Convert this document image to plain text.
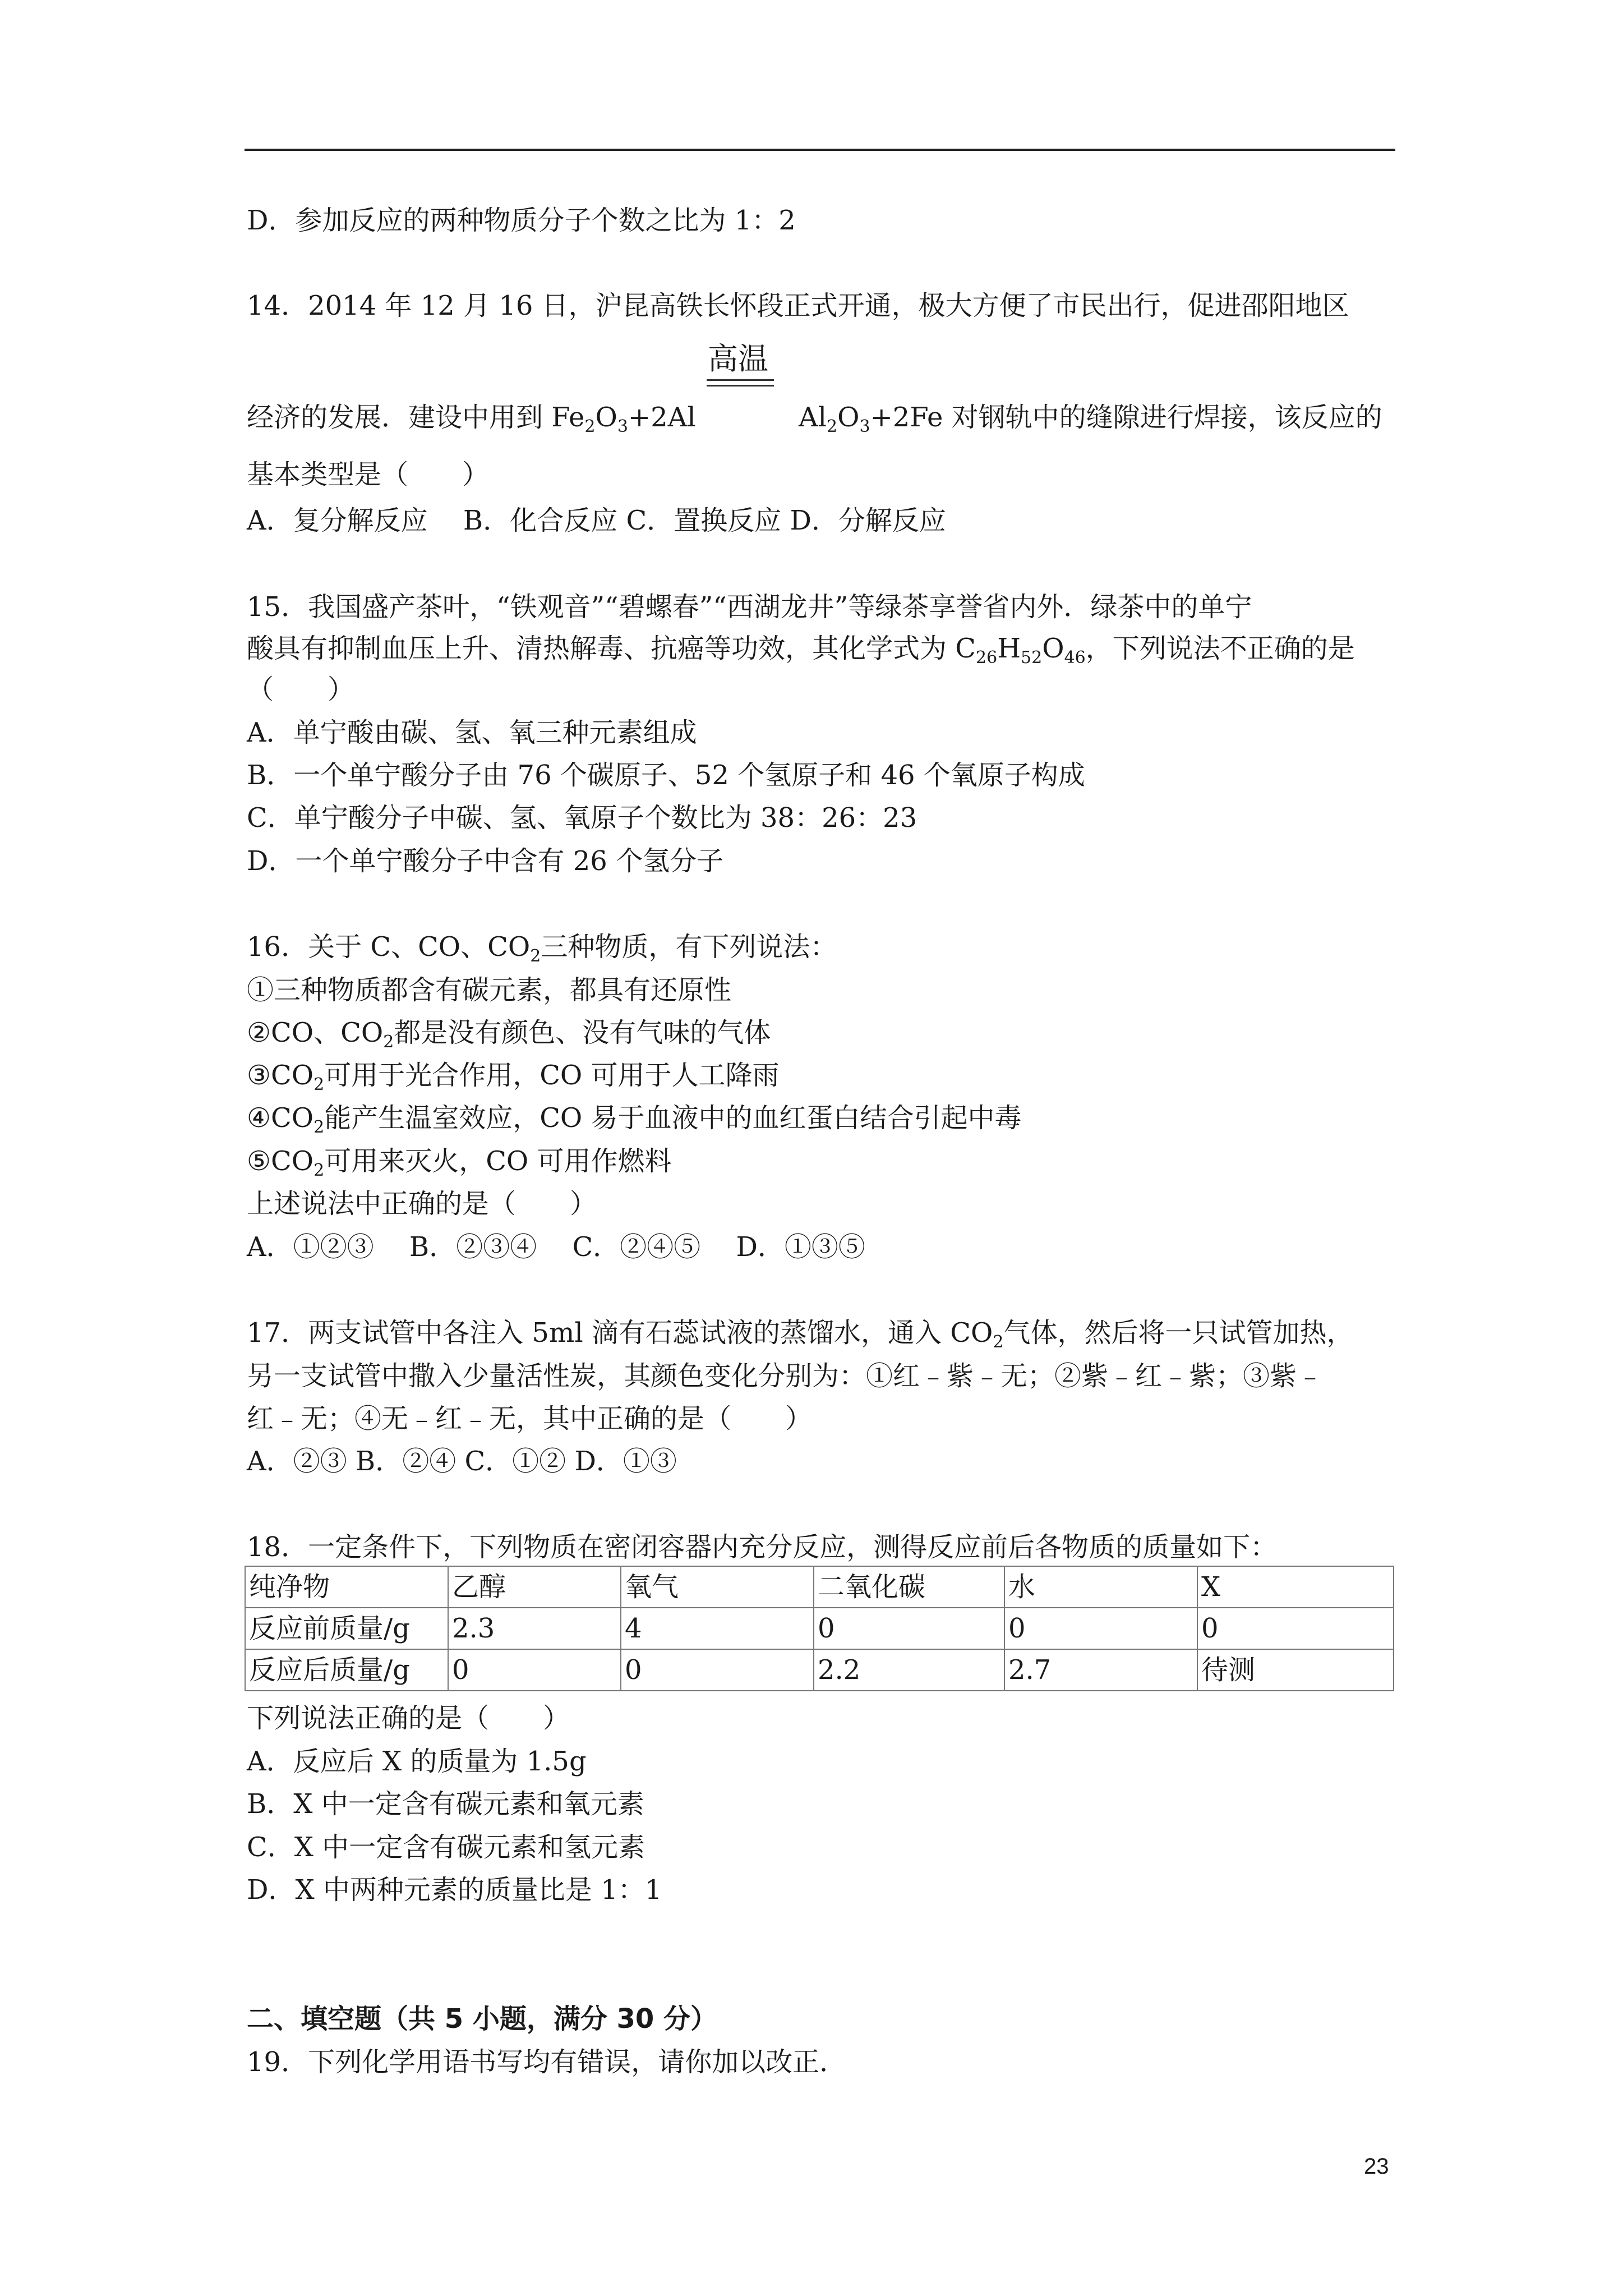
D．参加反应的两种物质分子个数之比为 1：2
14．2014 年 12 月 16 日，沪昆高铁长怀段正式开通，极大方便了市民出行，促进邵阳地区
高温
经济的发展．建设中用到 $Fe_2O_3+2Al$	$Al_2O_3+2Fe$ 对钢轨中的缝隙进行焊接，该反应的
基本类型是（　　）
A．复分解反应　 B．化合反应 C．置换反应 D．分解反应
15．我国盛产茶叶，“铁观音”“碧螺春”“西湖龙井”等绿茶享誉省内外．绿茶中的单宁
酸具有抑制血压上升、清热解毒、抗癌等功效，其化学式为 $C_{26}H_{52}O_{46}$，下列说法不正确的是
（　　）
A．单宁酸由碳、氢、氧三种元素组成
B．一个单宁酸分子由 76 个碳原子、52 个氢原子和 46 个氧原子构成
C．单宁酸分子中碳、氢、氧原子个数比为 38：26：23
D．一个单宁酸分子中含有 26 个氢分子
16．关于 C、CO、$CO_2$三种物质，有下列说法：
①三种物质都含有碳元素，都具有还原性
②CO、$CO_2$都是没有颜色、没有气味的气体
$③CO_2$可用于光合作用，CO 可用于人工降雨
$④CO_2$能产生温室效应，CO 易于血液中的血红蛋白结合引起中毒
$⑤CO_2$可用来灭火，CO 可用作燃料
上述说法中正确的是（　　）
A．①②③　 B．②③④　 C．②④⑤　 D．①③⑤
17．两支试管中各注入 5ml 滴有石蕊试液的蒸馏水，通入 $CO_2$气体，然后将一只试管加热，
另一支试管中撒入少量活性炭，其颜色变化分别为：①红﹣紫﹣无；②紫﹣红﹣紫；③紫﹣
红﹣无；④无﹣红﹣无，其中正确的是（　　）
A．②③ B．②④ C．①② D．①③
18．一定条件下，下列物质在密闭容器内充分反应，测得反应前后各物质的质量如下：
纯净物	乙醇	氧气	二氧化碳	水	X
反应前质量/g	2.3	4	0	0	0
反应后质量/g	0	0	2.2	2.7	待测
下列说法正确的是（　　）
A．反应后 X 的质量为 1.5g
B．X 中一定含有碳元素和氧元素
C．X 中一定含有碳元素和氢元素
D．X 中两种元素的质量比是 1：1
二、填空题（共 5 小题，满分 30 分）
19．下列化学用语书写均有错误，请你加以改正．
23
